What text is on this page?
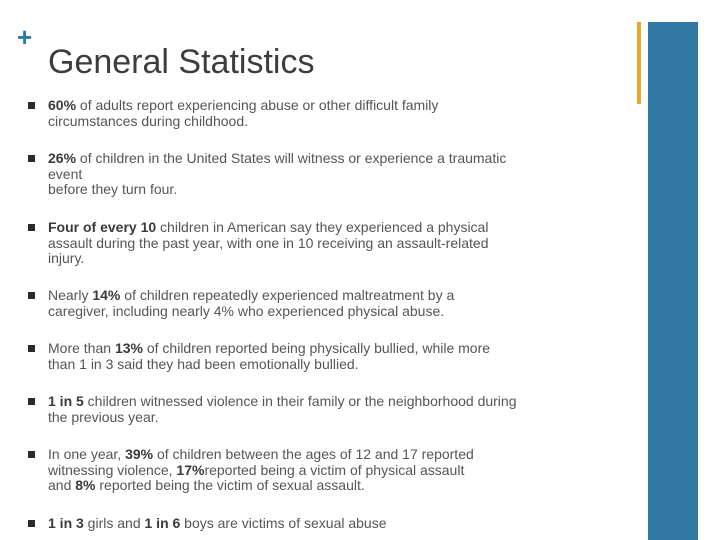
+
General Statistics
60% of adults report experiencing abuse or other difficult family
circumstances during childhood.
26% of children in the United States will witness or experience a traumatic
event
before they turn four.
Four of every 10 children in American say they experienced a physical
assault during the past year, with one in 10 receiving an assault-related
injury.
Nearly 14% of children repeatedly experienced maltreatment by a
caregiver, including nearly 4% who experienced physical abuse.
More than 13% of children reported being physically bullied, while more
than 1 in 3 said they had been emotionally bullied.
1 in 5 children witnessed violence in their family or the neighborhood during
the previous year.
In one year, 39% of children between the ages of 12 and 17 reported
witnessing violence, 17%reported being a victim of physical assault
and 8% reported being the victim of sexual assault.
1 in 3 girls and 1 in 6 boys are victims of sexual abuse
